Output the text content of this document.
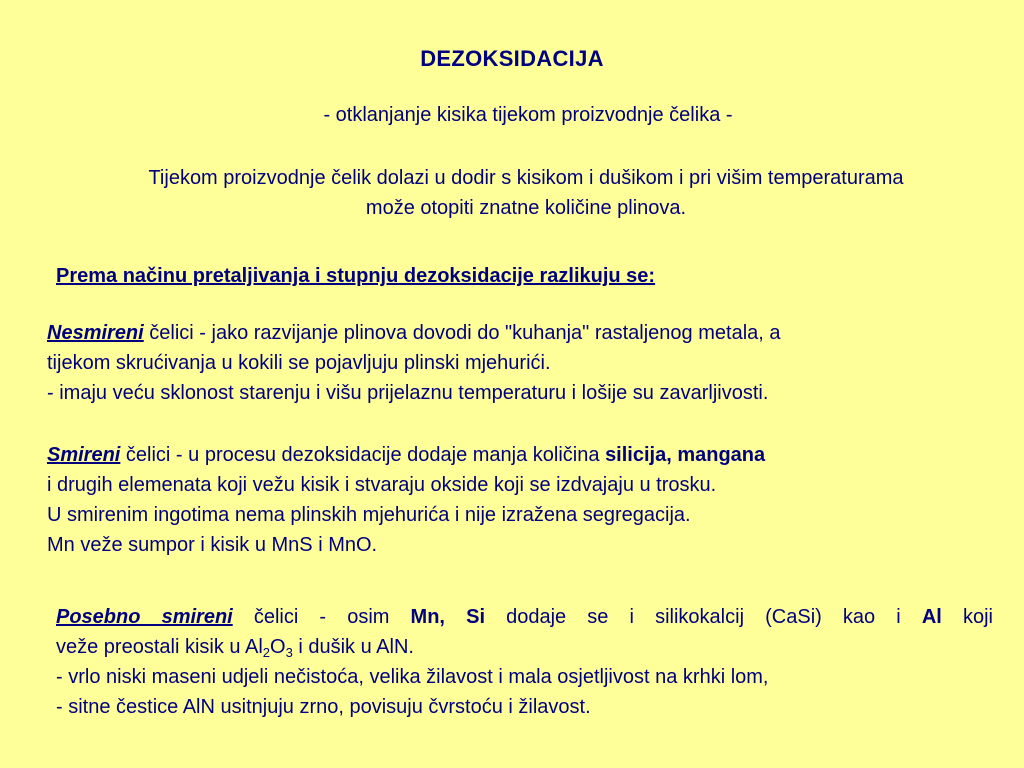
DEZOKSIDACIJA
- otklanjanje kisika tijekom proizvodnje čelika -
Tijekom proizvodnje čelik dolazi u dodir s kisikom i dušikom i pri višim temperaturama
može otopiti znatne količine plinova.
Prema načinu pretaljivanja i stupnju dezoksidacije razlikuju se:
Nesmireni čelici - jako razvijanje plinova dovodi do "kuhanja" rastaljenog metala, a
tijekom skrućivanja u kokili se pojavljuju plinski mjehurići.
- imaju veću sklonost starenju i višu prijelaznu temperaturu i lošije su zavarljivosti.
Smireni čelici - u procesu dezoksidacije dodaje manja količina silicija, mangana
i drugih elemenata koji vežu kisik i stvaraju okside koji se izdvajaju u trosku.
U smirenim ingotima nema plinskih mjehurića i nije izražena segregacija.
Mn veže sumpor i kisik u MnS i MnO.
Posebno smireni čelici - osim Mn, Si dodaje se i silikokalcij (CaSi) kao i Al koji
veže preostali kisik u $Al_2O_3$ i dušik u AlN.
- vrlo niski maseni udjeli nečistoća, velika žilavost i mala osjetljivost na krhki lom,
- sitne čestice AlN usitnjuju zrno, povisuju čvrstoću i žilavost.
